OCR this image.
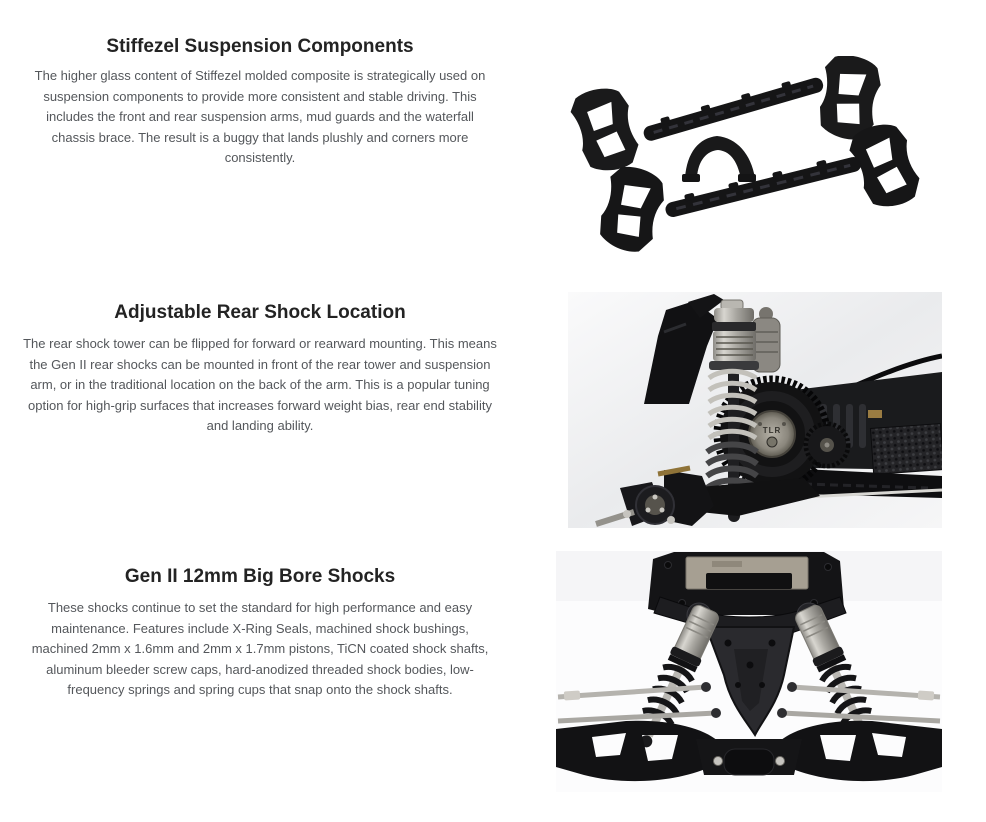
Stiffezel Suspension Components

The higher glass content of Stiffezel molded composite is strategically used on suspension components to provide more consistent and stable driving. This includes the front and rear suspension arms, mud guards and the waterfall chassis brace. The result is a buggy that lands plushly and corners more consistently.

Adjustable Rear Shock Location

The rear shock tower can be flipped for forward or rearward mounting. This means the Gen II rear shocks can be mounted in front of the rear tower and suspension arm, or in the traditional location on the back of the arm. This is a popular tuning option for high-grip surfaces that increases forward weight bias, rear end stability and landing ability.	TLR
Gen II 12mm Big Bore Shocks

These shocks continue to set the standard for high performance and easy maintenance. Features include X-Ring Seals, machined shock bushings, machined 2mm x 1.6mm and 2mm x 1.7mm pistons, TiCN coated shock shafts, aluminum bleeder screw caps, hard-anodized threaded shock bodies, low-frequency springs and spring cups that snap onto the shock shafts.
